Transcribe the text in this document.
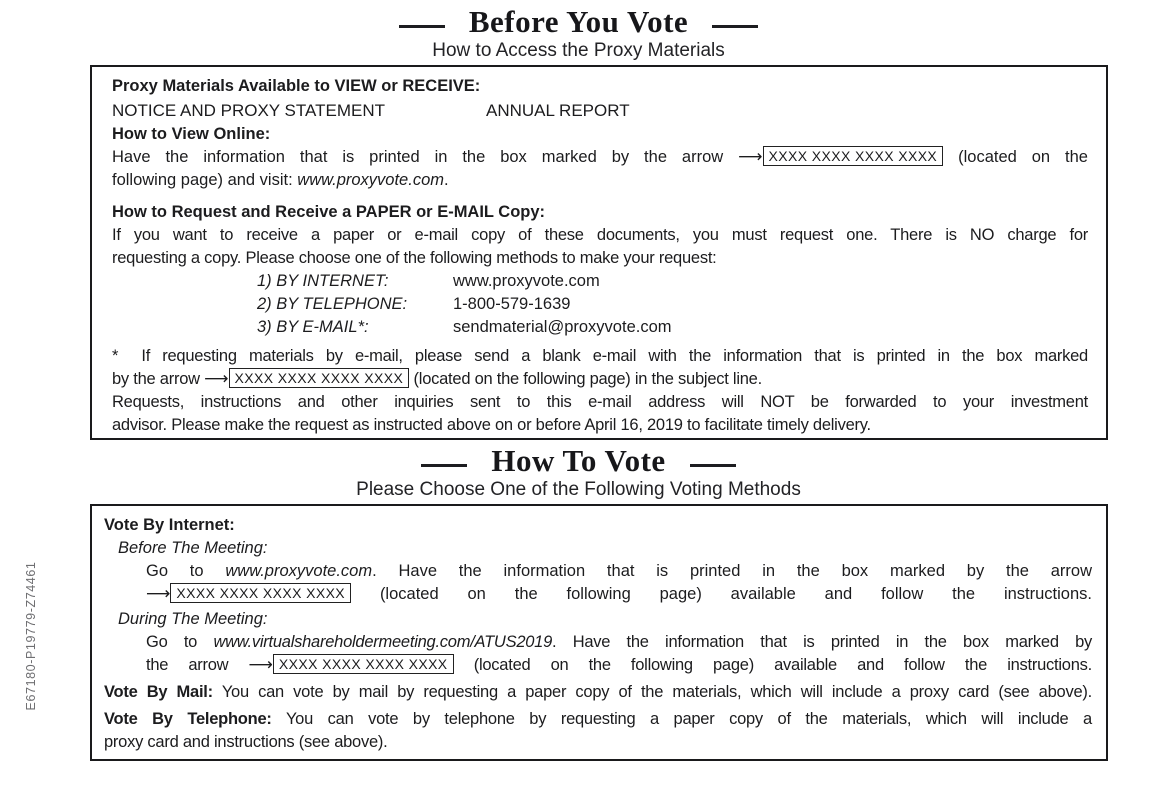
E67180-P19779-Z74461
Before You Vote
How to Access the Proxy Materials
Proxy Materials Available to VIEW or RECEIVE:
NOTICE AND PROXY STATEMENT	ANNUAL REPORT
How to View Online:
Have the information that is printed in the box marked by the arrow ⟶ XXXX XXXX XXXX XXXX (located on the
following page) and visit: www.proxyvote.com.
How to Request and Receive a PAPER or E-MAIL Copy:
If you want to receive a paper or e-mail copy of these documents, you must request one. There is NO charge for
requesting a copy. Please choose one of the following methods to make your request:
1) BY INTERNET:	www.proxyvote.com
2) BY TELEPHONE:	1-800-579-1639
3) BY E-MAIL*:	sendmaterial@proxyvote.com
* If requesting materials by e-mail, please send a blank e-mail with the information that is printed in the box marked
by the arrow ⟶ XXXX XXXX XXXX XXXX (located on the following page) in the subject line.
Requests, instructions and other inquiries sent to this e-mail address will NOT be forwarded to your investment
advisor. Please make the request as instructed above on or before April 16, 2019 to facilitate timely delivery.
How To Vote
Please Choose One of the Following Voting Methods
Vote By Internet:
Before The Meeting:
Go to www.proxyvote.com. Have the information that is printed in the box marked by the arrow
⟶ XXXX XXXX XXXX XXXX (located on the following page) available and follow the instructions.
During The Meeting:
Go to www.virtualshareholdermeeting.com/ATUS2019. Have the information that is printed in the box marked by
the arrow ⟶ XXXX XXXX XXXX XXXX (located on the following page) available and follow the instructions.
Vote By Mail: You can vote by mail by requesting a paper copy of the materials, which will include a proxy card (see above).
Vote By Telephone: You can vote by telephone by requesting a paper copy of the materials, which will include a
proxy card and instructions (see above).
